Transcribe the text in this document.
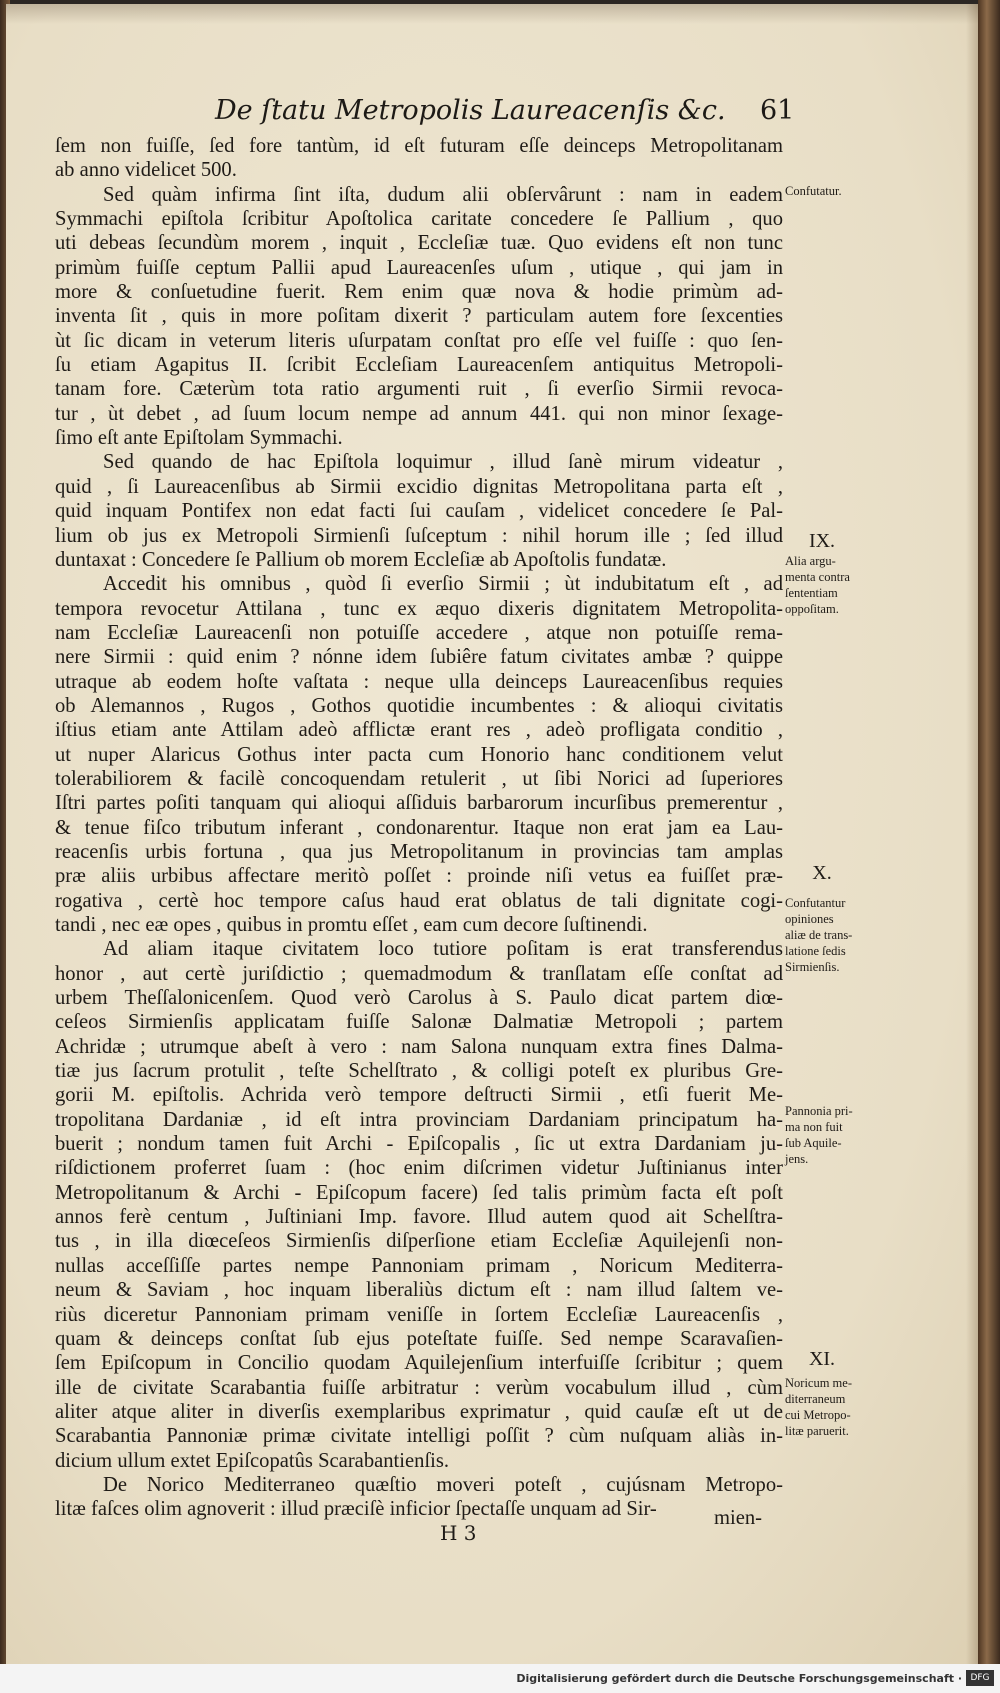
De ſtatu Metropolis Laureacenſis &c.	61
ſem non fuiſſe, ſed fore tantùm, id eſt futuram eſſe deinceps Metropolitanam
ab anno videlicet 500.
Sed quàm infirma ſint iſta, dudum alii obſervârunt : nam in eadem
Symmachi epiſtola ſcribitur Apoſtolica caritate concedere ſe Pallium , quo
uti debeas ſecundùm morem , inquit , Eccleſiæ tuæ. Quo evidens eſt non tunc
primùm fuiſſe ceptum Pallii apud Laureacenſes uſum , utique , qui jam in
more & conſuetudine fuerit. Rem enim quæ nova & hodie primùm ad-
inventa ſit , quis in more poſitam dixerit ? particulam autem fore ſexcenties
ùt ſic dicam in veterum literis uſurpatam conſtat pro eſſe vel fuiſſe : quo ſen-
ſu etiam Agapitus II. ſcribit Eccleſiam Laureacenſem antiquitus Metropoli-
tanam fore. Cæterùm tota ratio argumenti ruit , ſi everſio Sirmii revoca-
tur , ùt debet , ad ſuum locum nempe ad annum 441. qui non minor ſexage-
ſimo eſt ante Epiſtolam Symmachi.
Sed quando de hac Epiſtola loquimur , illud ſanè mirum videatur ,
quid , ſi Laureacenſibus ab Sirmii excidio dignitas Metropolitana parta eſt ,
quid inquam Pontifex non edat facti ſui cauſam , videlicet concedere ſe Pal-
lium ob jus ex Metropoli Sirmienſi ſuſceptum : nihil horum ille ; ſed illud
duntaxat : Concedere ſe Pallium ob morem Eccleſiæ ab Apoſtolis fundatæ.
Accedit his omnibus , quòd ſi everſio Sirmii ; ùt indubitatum eſt , ad
tempora revocetur Attilana , tunc ex æquo dixeris dignitatem Metropolita-
nam Eccleſiæ Laureacenſi non potuiſſe accedere , atque non potuiſſe rema-
nere Sirmii : quid enim ? nónne idem ſubiêre fatum civitates ambæ ? quippe
utraque ab eodem hoſte vaſtata : neque ulla deinceps Laureacenſibus requies
ob Alemannos , Rugos , Gothos quotidie incumbentes : & alioqui civitatis
iſtius etiam ante Attilam adeò afflictæ erant res , adeò profligata conditio ,
ut nuper Alaricus Gothus inter pacta cum Honorio hanc conditionem velut
tolerabiliorem & facilè concoquendam retulerit , ut ſibi Norici ad ſuperiores
Iſtri partes poſiti tanquam qui alioqui aſſiduis barbarorum incurſibus premerentur ,
& tenue fiſco tributum inferant , condonarentur. Itaque non erat jam ea Lau-
reacenſis urbis fortuna , qua jus Metropolitanum in provincias tam amplas
præ aliis urbibus affectare meritò poſſet : proinde niſi vetus ea fuiſſet præ-
rogativa , certè hoc tempore caſus haud erat oblatus de tali dignitate cogi-
tandi , nec eæ opes , quibus in promtu eſſet , eam cum decore ſuſtinendi.
Ad aliam itaque civitatem loco tutiore poſitam is erat transferendus
honor , aut certè juriſdictio ; quemadmodum & tranſlatam eſſe conſtat ad
urbem Theſſalonicenſem. Quod verò Carolus à S. Paulo dicat partem diœ-
ceſeos Sirmienſis applicatam fuiſſe Salonæ Dalmatiæ Metropoli ; partem
Achridæ ; utrumque abeſt à vero : nam Salona nunquam extra fines Dalma-
tiæ jus ſacrum protulit , teſte Schelſtrato , & colligi poteſt ex pluribus Gre-
gorii M. epiſtolis. Achrida verò tempore deſtructi Sirmii , etſi fuerit Me-
tropolitana Dardaniæ , id eſt intra provinciam Dardaniam principatum ha-
buerit ; nondum tamen fuit Archi - Epiſcopalis , ſic ut extra Dardaniam ju-
riſdictionem proferret ſuam : (hoc enim diſcrimen videtur Juſtinianus inter
Metropolitanum & Archi - Epiſcopum facere) ſed talis primùm facta eſt poſt
annos ferè centum , Juſtiniani Imp. favore. Illud autem quod ait Schelſtra-
tus , in illa diœceſeos Sirmienſis diſperſione etiam Eccleſiæ Aquilejenſi non-
nullas acceſſiſſe partes nempe Pannoniam primam , Noricum Mediterra-
neum & Saviam , hoc inquam liberaliùs dictum eſt : nam illud ſaltem ve-
riùs diceretur Pannoniam primam veniſſe in ſortem Eccleſiæ Laureacenſis ,
quam & deinceps conſtat ſub ejus poteſtate fuiſſe. Sed nempe Scaravaſien-
ſem Epiſcopum in Concilio quodam Aquilejenſium interfuiſſe ſcribitur ; quem
ille de civitate Scarabantia fuiſſe arbitratur : verùm vocabulum illud , cùm
aliter atque aliter in diverſis exemplaribus exprimatur , quid cauſæ eſt ut de
Scarabantia Pannoniæ primæ civitate intelligi poſſit ? cùm nuſquam aliàs in-
dicium ullum extet Epiſcopatûs Scarabantienſis.
De Norico Mediterraneo quæſtio moveri poteſt , cujúsnam Metropo-
litæ faſces olim agnoverit : illud præciſè inficior ſpectaſſe unquam ad Sir-
Confutatur.
IX.
Alia argu-
menta contra
ſententiam
oppoſitam.
X.
Confutantur
opiniones
aliæ de trans-
latione ſedis
Sirmienſis.
Pannonia pri-
ma non fuit
ſub Aquile-
jens.
XI.
Noricum me-
diterraneum
cui Metropo-
litæ paruerit.
H 3
mien-
Digitalisierung gefördert durch die Deutsche Forschungsgemeinschaft · DFG
